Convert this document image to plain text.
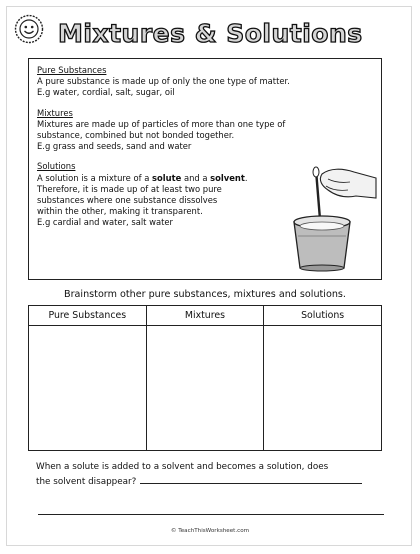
Mixtures & Solutions
Pure Substances
A pure substance is made up of only the one type of matter.
E.g water, cordial, salt, sugar, oil
Mixtures
Mixtures are made up of particles of more than one type of
substance, combined but not bonded together.
E.g grass and seeds, sand and water
Solutions
A solution is a mixture of a solute and a solvent.
Therefore, it is made up of at least two pure
substances where one substance dissolves
within the other, making it transparent.
E.g cardial and water, salt water
Brainstorm other pure substances, mixtures and solutions.
Pure Substances	Mixtures	Solutions

When a solute is added to a solvent and becomes a solution, does
the solvent disappear?
© TeachThisWorksheet.com
